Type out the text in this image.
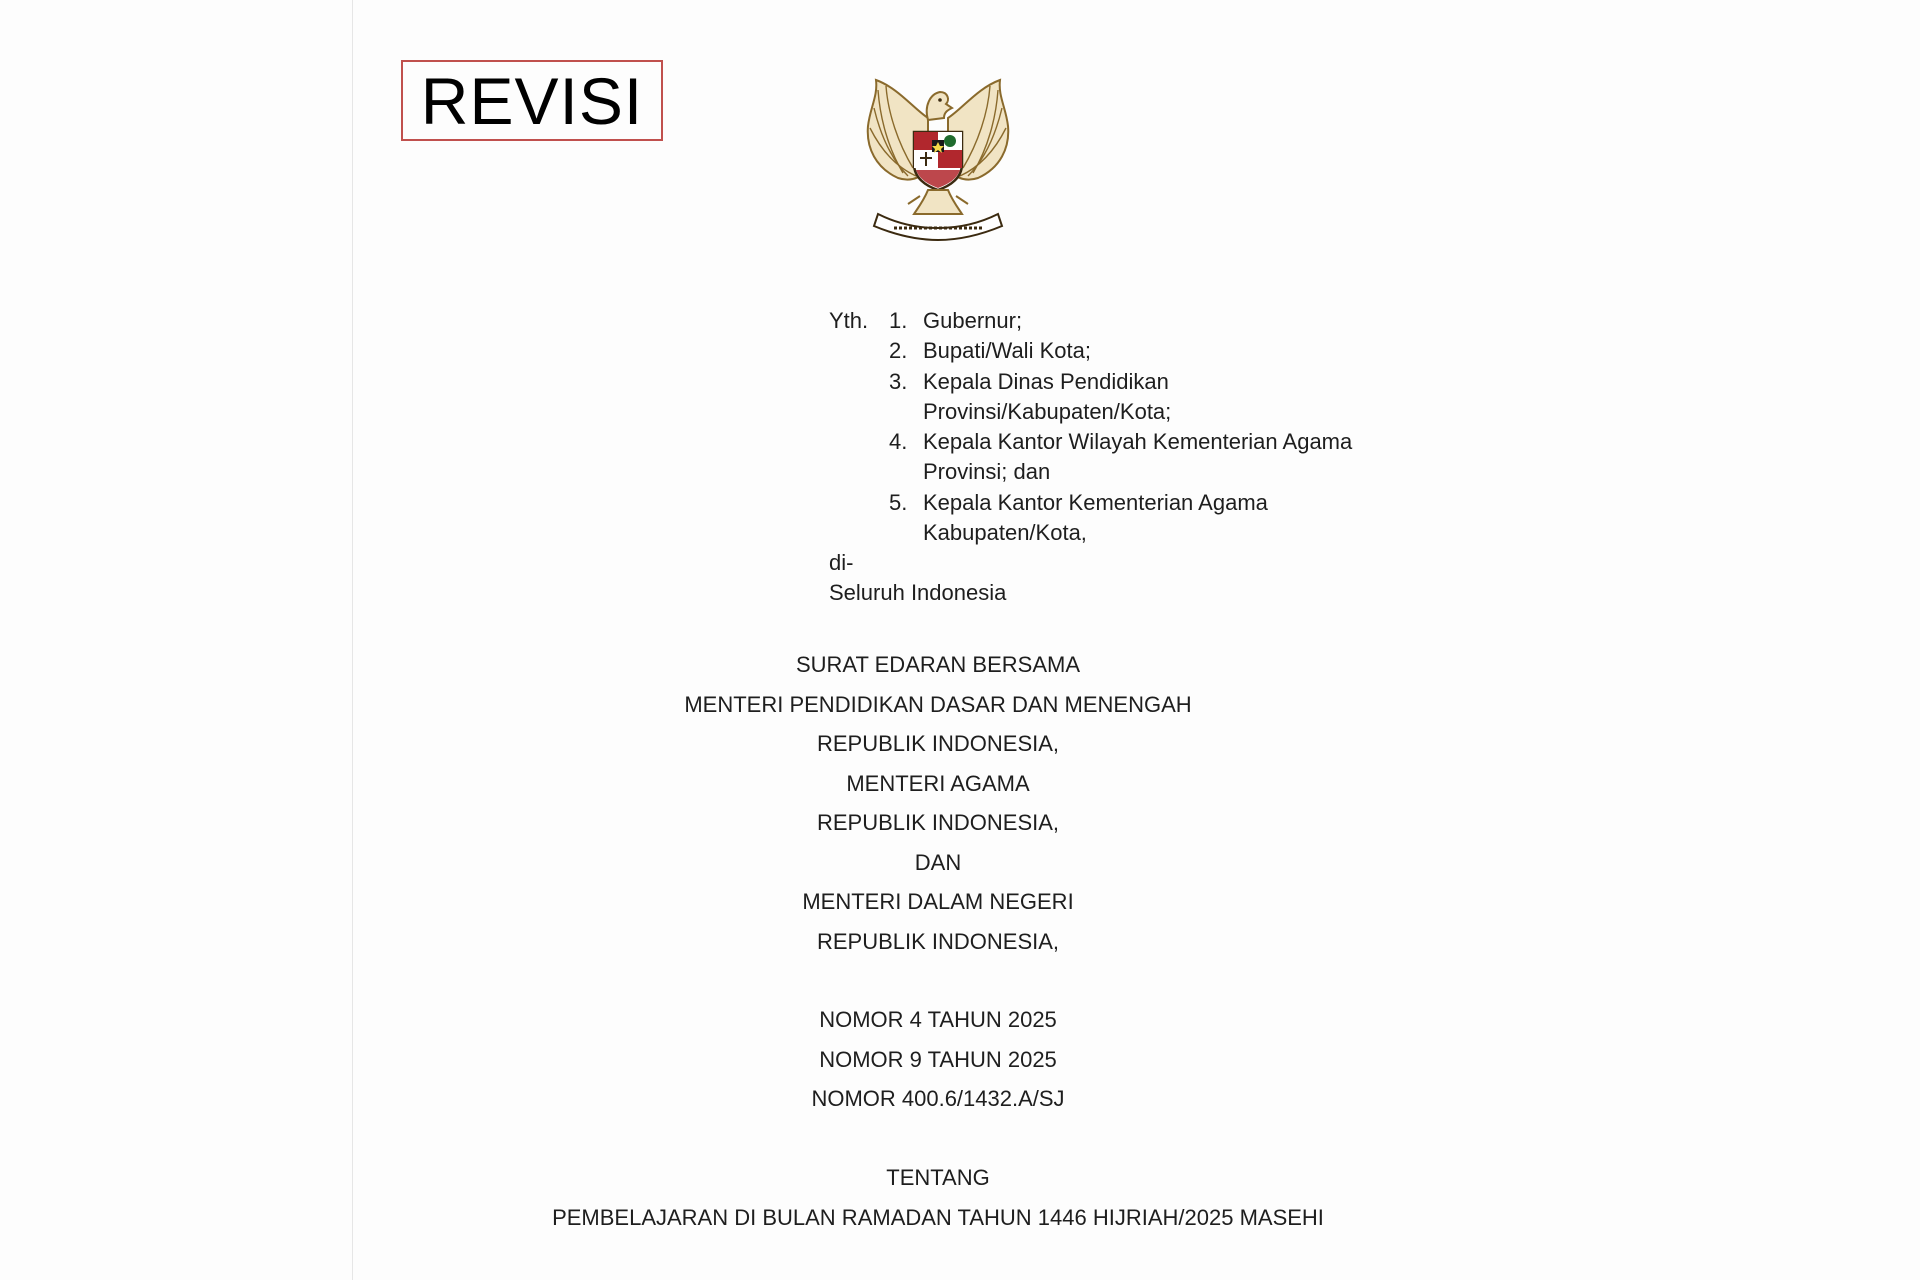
REVISI
Yth. 1. Gubernur;
2. Bupati/Wali Kota;
3. Kepala Dinas Pendidikan
Provinsi/Kabupaten/Kota;
4. Kepala Kantor Wilayah Kementerian Agama
Provinsi; dan
5. Kepala Kantor Kementerian Agama
Kabupaten/Kota,
di-
Seluruh Indonesia
SURAT EDARAN BERSAMA
MENTERI PENDIDIKAN DASAR DAN MENENGAH
REPUBLIK INDONESIA,
MENTERI AGAMA
REPUBLIK INDONESIA,
DAN
MENTERI DALAM NEGERI
REPUBLIK INDONESIA,
NOMOR 4 TAHUN 2025
NOMOR 9 TAHUN 2025
NOMOR 400.6/1432.A/SJ
TENTANG
PEMBELAJARAN DI BULAN RAMADAN TAHUN 1446 HIJRIAH/2025 MASEHI
